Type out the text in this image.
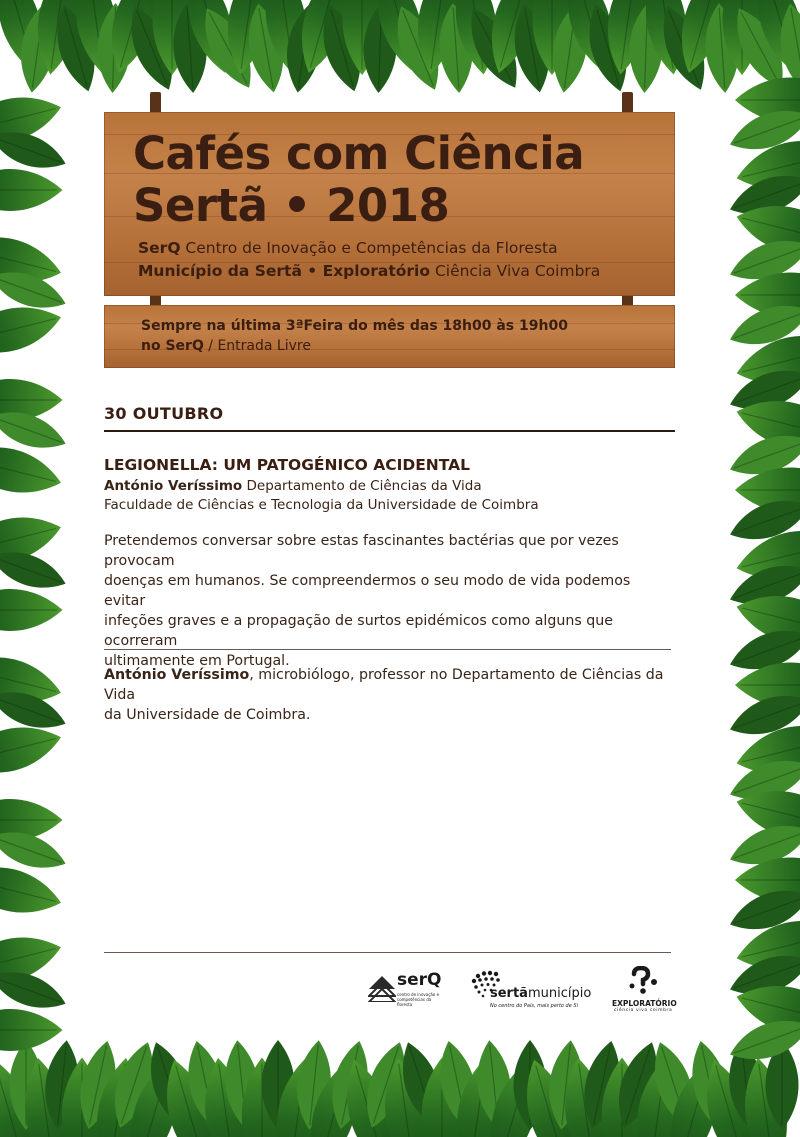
Cafés com Ciência
Sertã • 2018
SerQ Centro de Inovação e Competências da Floresta
Município da Sertã • Exploratório Ciência Viva Coimbra
Sempre na última 3ªFeira do mês das 18h00 às 19h00
no SerQ / Entrada Livre
30 OUTUBRO
LEGIONELLA: UM PATOGÉNICO ACIDENTAL
António Veríssimo Departamento de Ciências da Vida
Faculdade de Ciências e Tecnologia da Universidade de Coimbra
Pretendemos conversar sobre estas fascinantes bactérias que por vezes provocam
doenças em humanos. Se compreendermos o seu modo de vida podemos evitar
infeções graves e a propagação de surtos epidémicos como alguns que ocorreram
ultimamente em Portugal.
António Veríssimo, microbiólogo, professor no Departamento de Ciências da Vida
da Universidade de Coimbra.
serQ
centro de inovação e competências da floresta
sertãmunicípio
No centro do País, mais perto de Si	EXPLORATÓRIO
ciência viva coimbra
